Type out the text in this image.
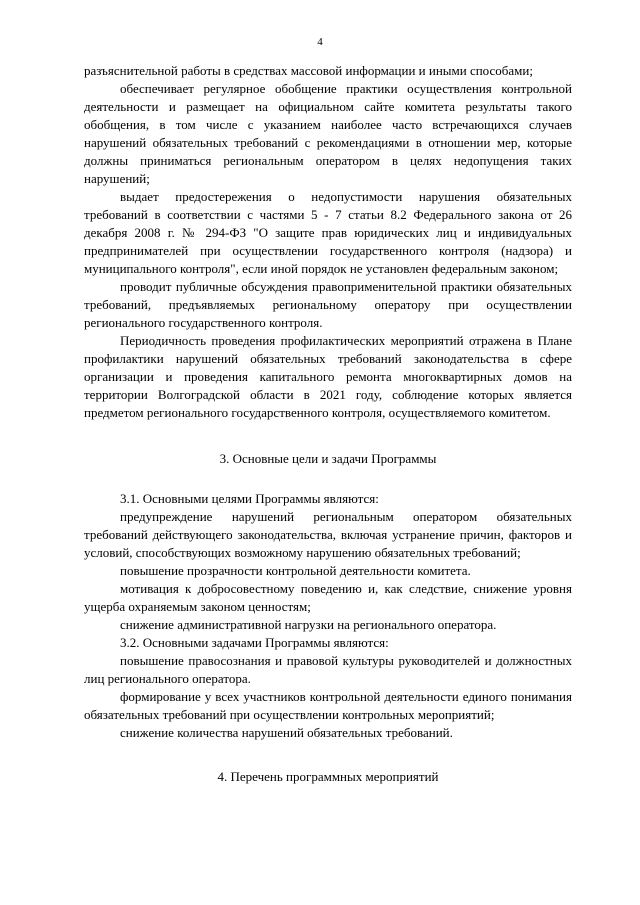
4

разъяснительной работы в средствах массовой информации и иными способами;

обеспечивает регулярное обобщение практики осуществления контрольной деятельности и размещает на официальном сайте комитета результаты такого обобщения, в том числе с указанием наиболее часто встречающихся случаев нарушений обязательных требований с рекомендациями в отношении мер, которые должны приниматься региональным оператором в целях недопущения таких нарушений;

выдает предостережения о недопустимости нарушения обязательных требований в соответствии с частями 5 - 7 статьи 8.2 Федерального закона от 26 декабря 2008 г. № 294-ФЗ "О защите прав юридических лиц и индивидуальных предпринимателей при осуществлении государственного контроля (надзора) и муниципального контроля", если иной порядок не установлен федеральным законом;

проводит публичные обсуждения правоприменительной практики обязательных требований, предъявляемых региональному оператору при осуществлении регионального государственного контроля.

Периодичность проведения профилактических мероприятий отражена в Плане профилактики нарушений обязательных требований законодательства в сфере организации и проведения капитального ремонта многоквартирных домов на территории Волгоградской области в 2021 году, соблюдение которых является предметом регионального государственного контроля, осуществляемого комитетом.

3. Основные цели и задачи Программы

3.1. Основными целями Программы являются:

предупреждение нарушений региональным оператором обязательных требований действующего законодательства, включая устранение причин, факторов и условий, способствующих возможному нарушению обязательных требований;

повышение прозрачности контрольной деятельности комитета.

мотивация к добросовестному поведению и, как следствие, снижение уровня ущерба охраняемым законом ценностям;

снижение административной нагрузки на регионального оператора.

3.2. Основными задачами Программы являются:

повышение правосознания и правовой культуры руководителей и должностных лиц регионального оператора.

формирование у всех участников контрольной деятельности единого понимания обязательных требований при осуществлении контрольных мероприятий;

снижение количества нарушений обязательных требований.

4. Перечень программных мероприятий
